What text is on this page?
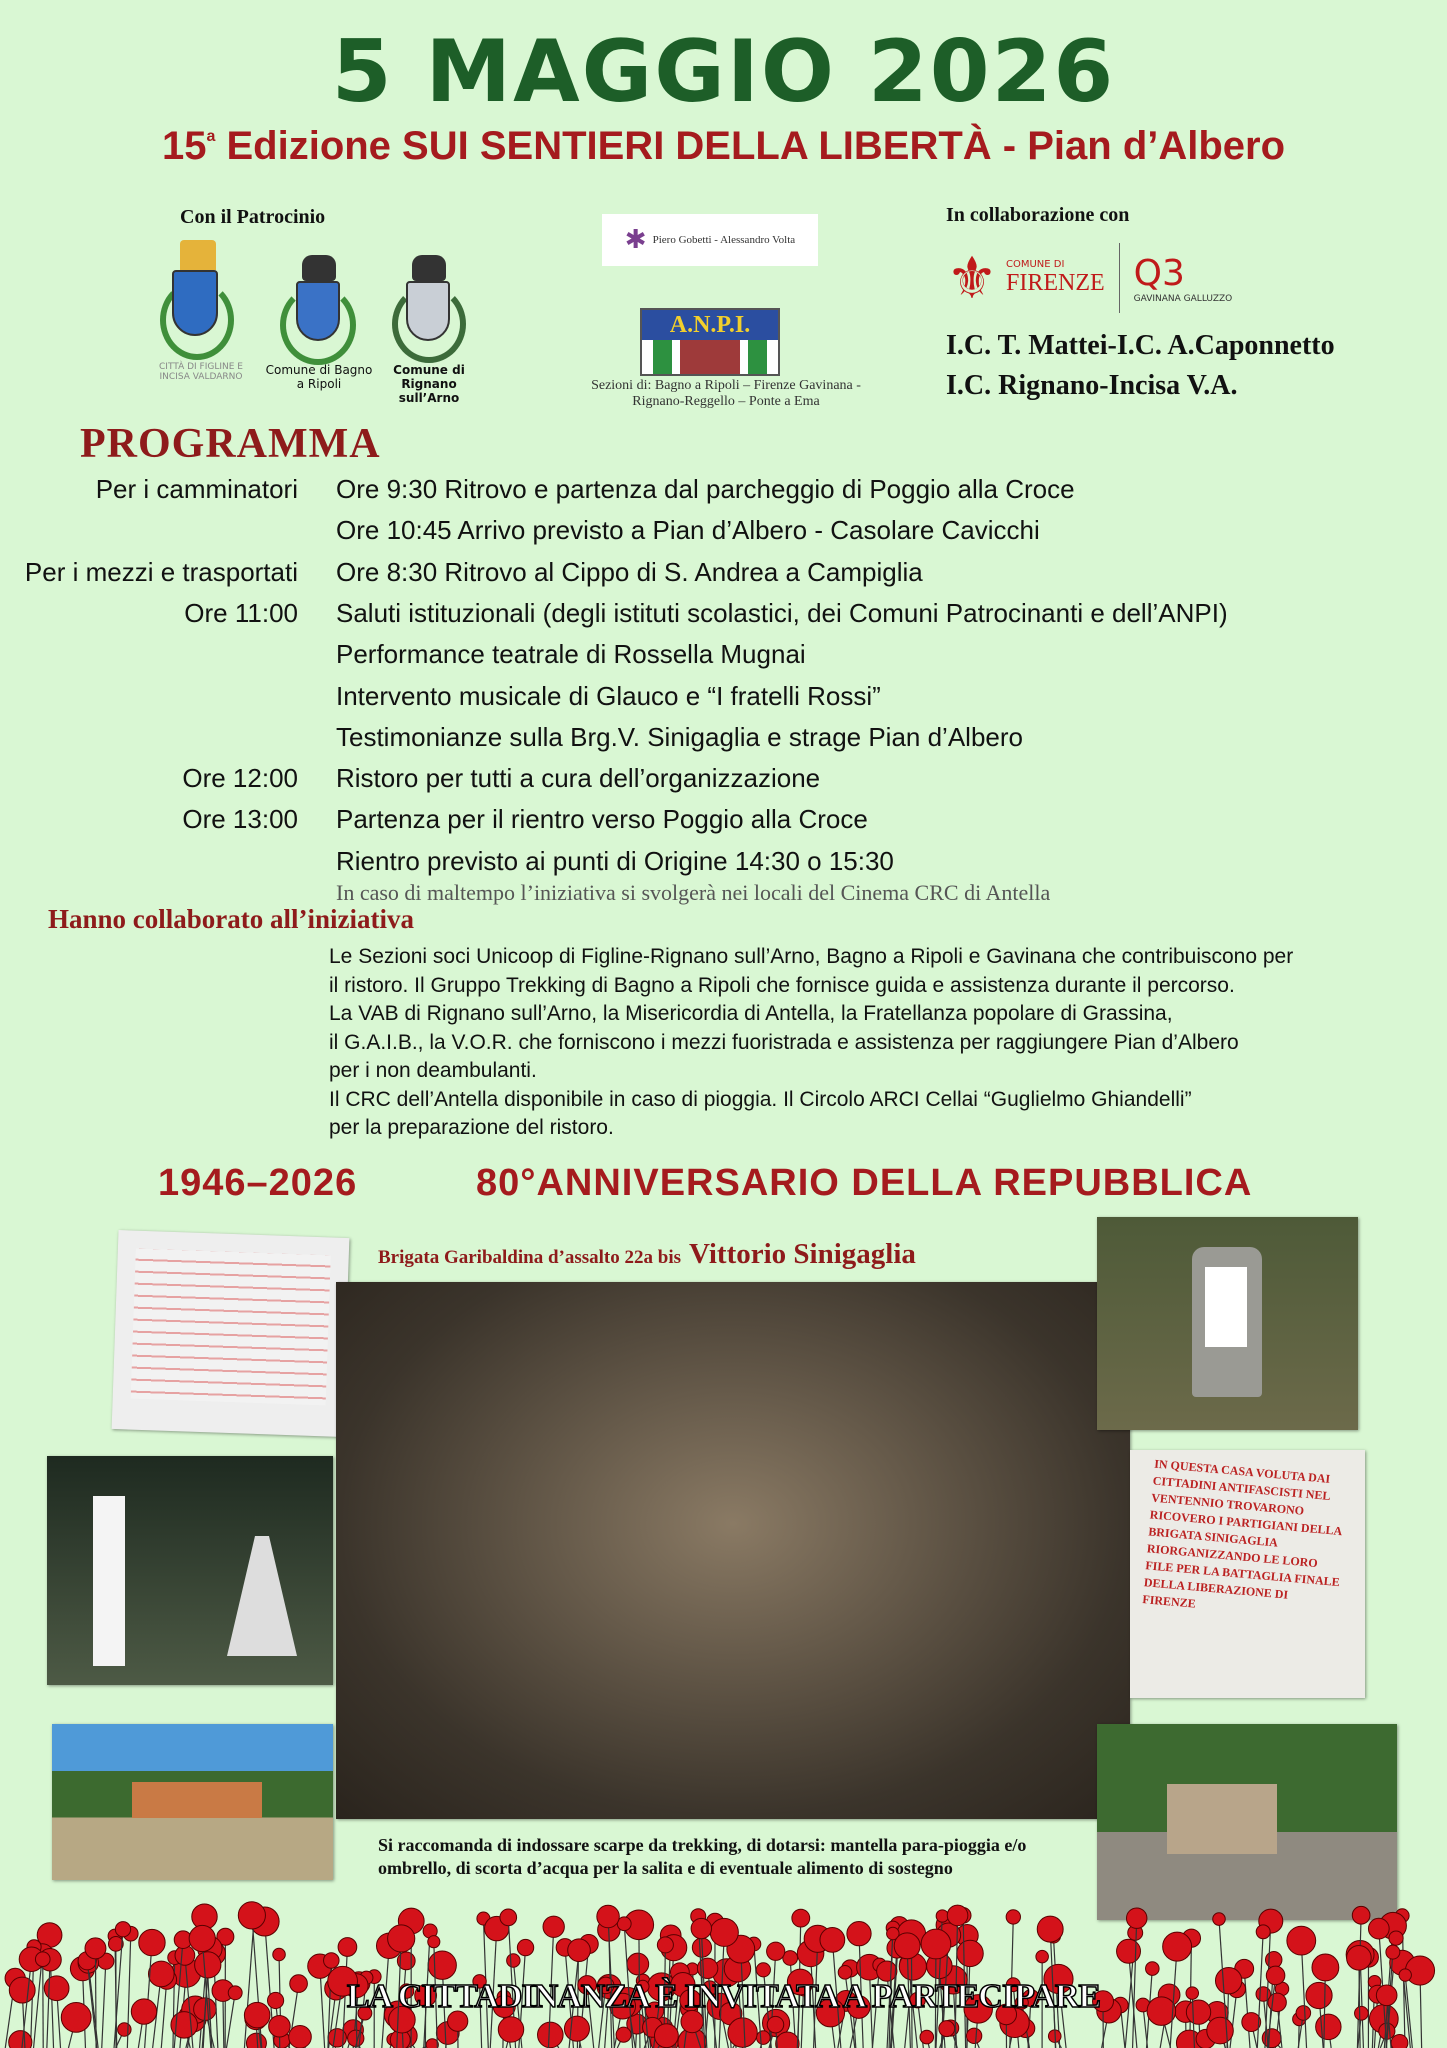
5 MAGGIO 2026
15$^a$ Edizione SUI SENTIERI DELLA LIBERTÀ - Pian d’Albero
Con il Patrocinio
CITTÀ DI FIGLINE E INCISA VALDARNO	Comune di Bagno a Ripoli
Comune di Rignano sull’Arno
✱ Piero Gobetti - Alessandro Volta
A.N.P.I.
Sezioni di: Bagno a Ripoli – Firenze Gavinana - Rignano-Reggello – Ponte a Ema
In collaborazione con
⚜ COMUNE DI
FIRENZE Q3
GAVINANA GALLUZZO
I.C. T. Mattei-I.C. A.Caponnetto
I.C. Rignano-Incisa V.A.
PROGRAMMA
Per i camminatori Ore 9:30 Ritrovo e partenza dal parcheggio di Poggio alla Croce
Ore 10:45 Arrivo previsto a Pian d’Albero - Casolare Cavicchi
Per i mezzi e trasportati Ore 8:30 Ritrovo al Cippo di S. Andrea a Campiglia
Ore 11:00 Saluti istituzionali (degli istituti scolastici, dei Comuni Patrocinanti e dell’ANPI)
Performance teatrale di Rossella Mugnai
Intervento musicale di Glauco e “I fratelli Rossi”
Testimonianze sulla Brg.V. Sinigaglia e strage Pian d’Albero
Ore 12:00 Ristoro per tutti a cura dell’organizzazione
Ore 13:00 Partenza per il rientro verso Poggio alla Croce
Rientro previsto ai punti di Origine 14:30 o 15:30
In caso di maltempo l’iniziativa si svolgerà nei locali del Cinema CRC di Antella
Hanno collaborato all’iniziativa
Le Sezioni soci Unicoop di Figline-Rignano sull’Arno, Bagno a Ripoli e Gavinana che contribuiscono per
il ristoro. Il Gruppo Trekking di Bagno a Ripoli che fornisce guida e assistenza durante il percorso.
La VAB di Rignano sull’Arno, la Misericordia di Antella, la Fratellanza popolare di Grassina,
il G.A.I.B., la V.O.R. che forniscono i mezzi fuoristrada e assistenza per raggiungere Pian d’Albero
per i non deambulanti.
Il CRC dell’Antella disponibile in caso di pioggia. Il Circolo ARCI Cellai “Guglielmo Ghiandelli”
per la preparazione del ristoro.
1946–2026	80°ANNIVERSARIO DELLA REPUBBLICA
Brigata Garibaldina d’assalto 22a bis Vittorio Sinigaglia
IN QUESTA CASA VOLUTA DAI CITTADINI ANTIFASCISTI NEL VENTENNIO TROVARONO RICOVERO I PARTIGIANI DELLA BRIGATA SINIGAGLIA RIORGANIZZANDO LE LORO FILE PER LA BATTAGLIA FINALE DELLA LIBERAZIONE DI FIRENZE
Si raccomanda di indossare scarpe da trekking, di dotarsi: mantella para-pioggia e/o ombrello, di scorta d’acqua per la salita e di eventuale alimento di sostegno
LA CITTADINANZA È INVITATA A PARTECIPARE
